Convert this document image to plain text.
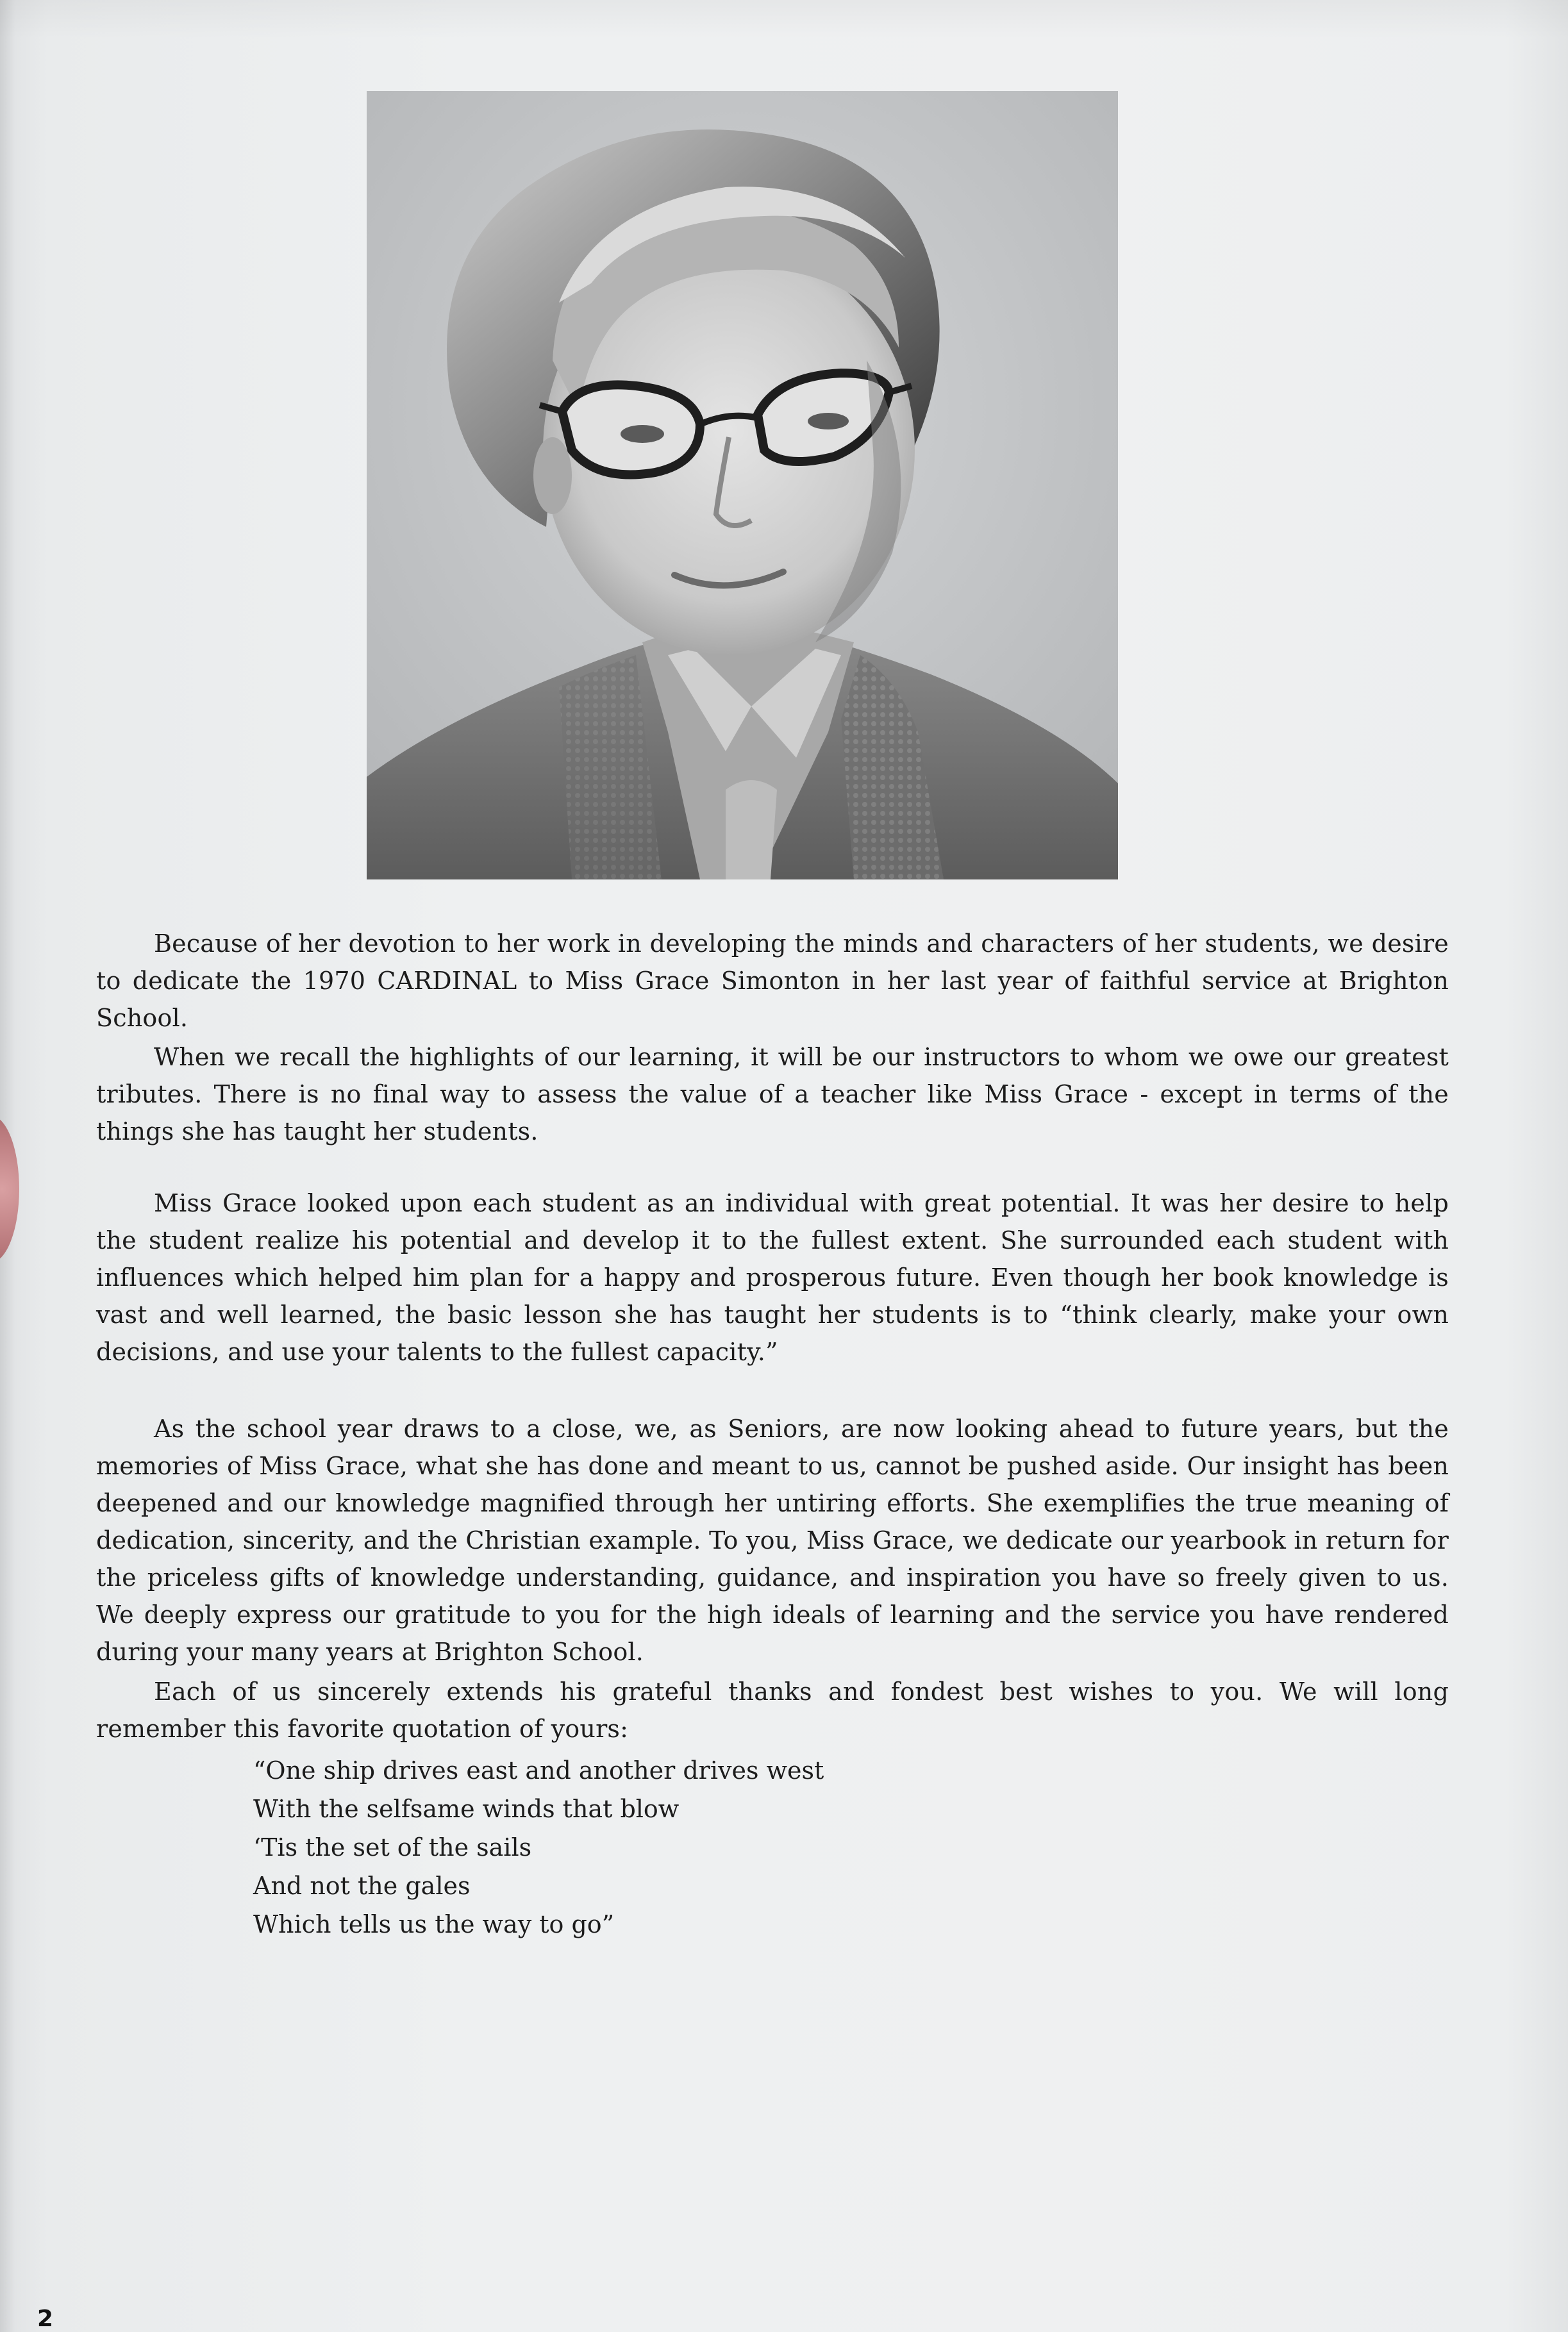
Because of her devotion to her work in developing the minds and characters of her students, we desire to dedicate the 1970 CARDINAL to Miss Grace Simonton in her last year of faithful service at Brighton School.

When we recall the highlights of our learning, it will be our instructors to whom we owe our greatest tributes. There is no final way to assess the value of a teacher like Miss Grace - except in terms of the things she has taught her students.

Miss Grace looked upon each student as an individual with great potential. It was her desire to help the student realize his potential and develop it to the fullest extent. She surrounded each student with influences which helped him plan for a happy and prosperous future. Even though her book knowledge is vast and well learned, the basic lesson she has taught her students is to “think clearly, make your own decisions, and use your talents to the fullest capacity.”

As the school year draws to a close, we, as Seniors, are now looking ahead to future years, but the memories of Miss Grace, what she has done and meant to us, cannot be pushed aside. Our insight has been deepened and our knowledge magnified through her untiring efforts. She exemplifies the true meaning of dedication, sincerity, and the Christian example. To you, Miss Grace, we dedicate our yearbook in return for the priceless gifts of knowledge understanding, guidance, and inspiration you have so freely given to us. We deeply express our gratitude to you for the high ideals of learning and the service you have rendered during your many years at Brighton School.

Each of us sincerely extends his grateful thanks and fondest best wishes to you. We will long remember this favorite quotation of yours:

“One ship drives east and another drives west
With the selfsame winds that blow
‘Tis the set of the sails
And not the gales
Which tells us the way to go”
2
